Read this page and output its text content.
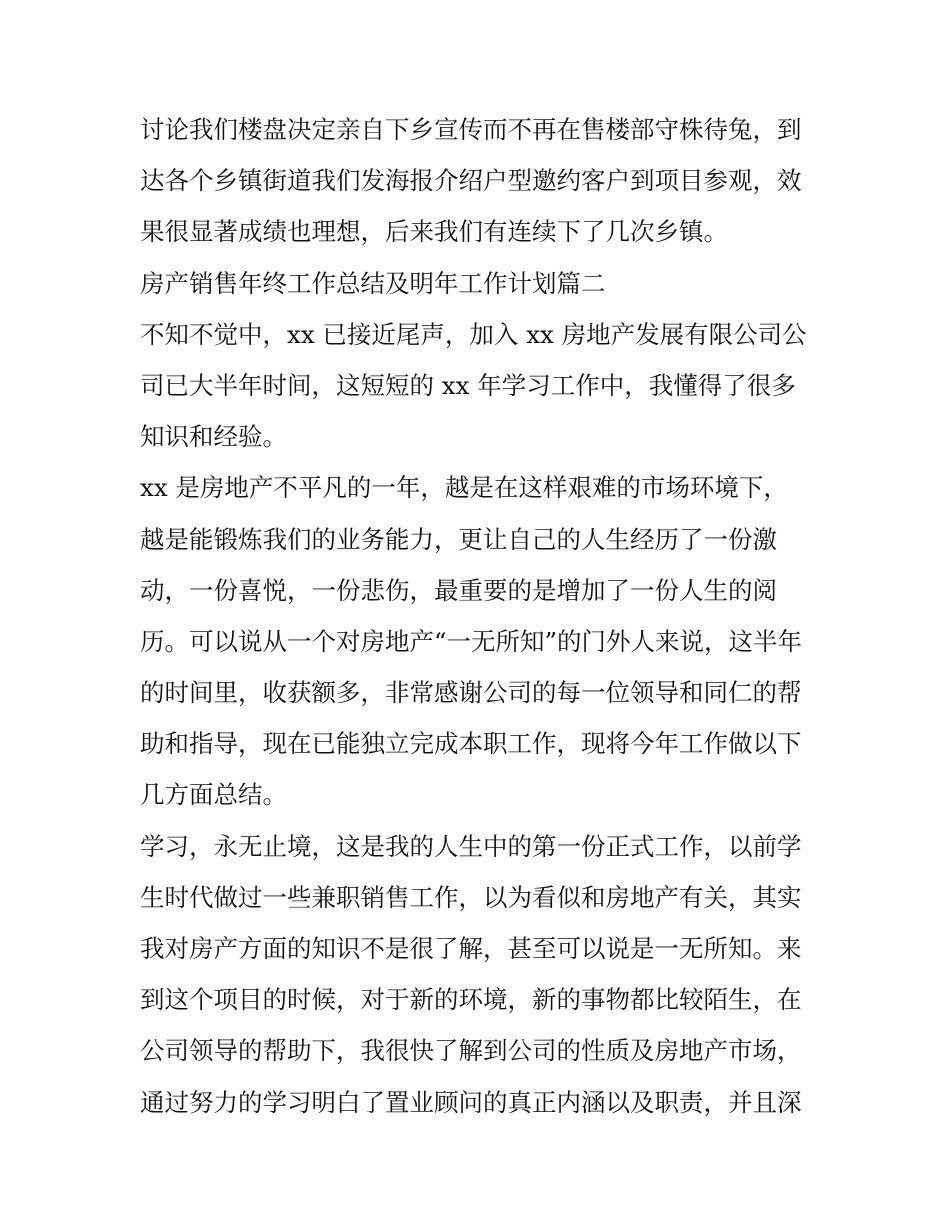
讨论我们楼盘决定亲自下乡宣传而不再在售楼部守株待兔，到
达各个乡镇街道我们发海报介绍户型邀约客户到项目参观，效
果很显著成绩也理想，后来我们有连续下了几次乡镇。
房产销售年终工作总结及明年工作计划篇二
不知不觉中，xx 已接近尾声，加入 xx 房地产发展有限公司公
司已大半年时间，这短短的 xx 年学习工作中，我懂得了很多
知识和经验。
xx 是房地产不平凡的一年，越是在这样艰难的市场环境下，
越是能锻炼我们的业务能力，更让自己的人生经历了一份激
动，一份喜悦，一份悲伤，最重要的是增加了一份人生的阅
历。可以说从一个对房地产“一无所知”的门外人来说，这半年
的时间里，收获额多，非常感谢公司的每一位领导和同仁的帮
助和指导，现在已能独立完成本职工作，现将今年工作做以下
几方面总结。
学习，永无止境，这是我的人生中的第一份正式工作，以前学
生时代做过一些兼职销售工作，以为看似和房地产有关，其实
我对房产方面的知识不是很了解，甚至可以说是一无所知。来
到这个项目的时候，对于新的环境，新的事物都比较陌生，在
公司领导的帮助下，我很快了解到公司的性质及房地产市场，
通过努力的学习明白了置业顾问的真正内涵以及职责，并且深
